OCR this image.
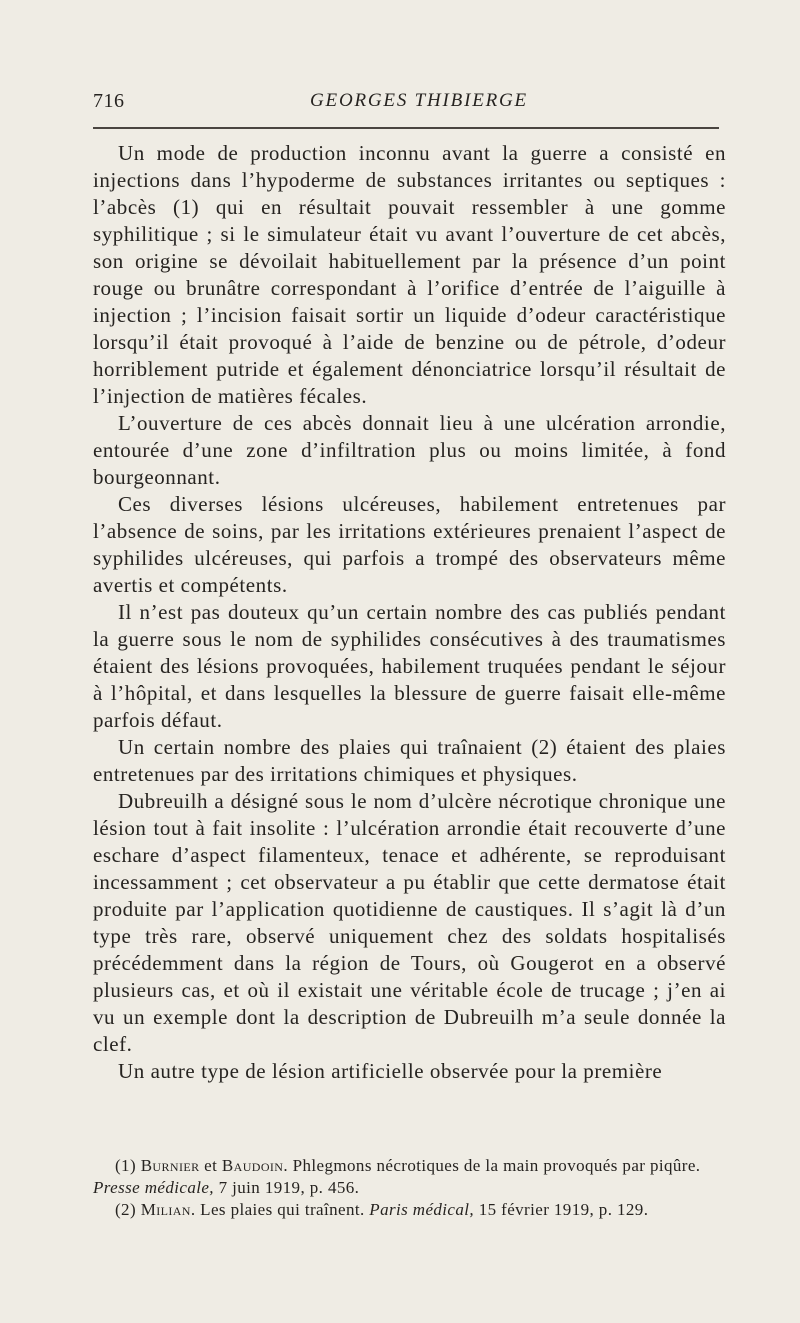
716	GEORGES THIBIERGE

Un mode de production inconnu avant la guerre a consisté en injections dans l’hypoderme de substances irritantes ou septiques : l’abcès (1) qui en résultait pouvait ressembler à une gomme syphilitique ; si le simulateur était vu avant l’ouverture de cet abcès, son origine se dévoilait habituellement par la présence d’un point rouge ou brunâtre correspondant à l’orifice d’entrée de l’aiguille à injection ; l’incision faisait sortir un liquide d’odeur caractéristique lorsqu’il était provoqué à l’aide de benzine ou de pétrole, d’odeur horriblement putride et également dénonciatrice lorsqu’il résultait de l’injection de matières fécales.

L’ouverture de ces abcès donnait lieu à une ulcération arrondie, entourée d’une zone d’infiltration plus ou moins limitée, à fond bourgeonnant.

Ces diverses lésions ulcéreuses, habilement entretenues par l’absence de soins, par les irritations extérieures prenaient l’aspect de syphilides ulcéreuses, qui parfois a trompé des observateurs même avertis et compétents.

Il n’est pas douteux qu’un certain nombre des cas publiés pendant la guerre sous le nom de syphilides consécutives à des traumatismes étaient des lésions provoquées, habilement truquées pendant le séjour à l’hôpital, et dans lesquelles la blessure de guerre faisait elle-même parfois défaut.

Un certain nombre des plaies qui traînaient (2) étaient des plaies entretenues par des irritations chimiques et physiques.

Dubreuilh a désigné sous le nom d’ulcère nécrotique chronique une lésion tout à fait insolite : l’ulcération arrondie était recouverte d’une eschare d’aspect filamenteux, tenace et adhérente, se reproduisant incessamment ; cet observateur a pu établir que cette dermatose était produite par l’application quotidienne de caustiques. Il s’agit là d’un type très rare, observé uniquement chez des soldats hospitalisés précédemment dans la région de Tours, où Gougerot en a observé plusieurs cas, et où il existait une véritable école de trucage ; j’en ai vu un exemple dont la description de Dubreuilh m’a seule donnée la clef.

Un autre type de lésion artificielle observée pour la première

(1) Burnier et Baudoin. Phlegmons nécrotiques de la main provoqués par piqûre. Presse médicale, 7 juin 1919, p. 456.

(2) Milian. Les plaies qui traînent. Paris médical, 15 février 1919, p. 129.
